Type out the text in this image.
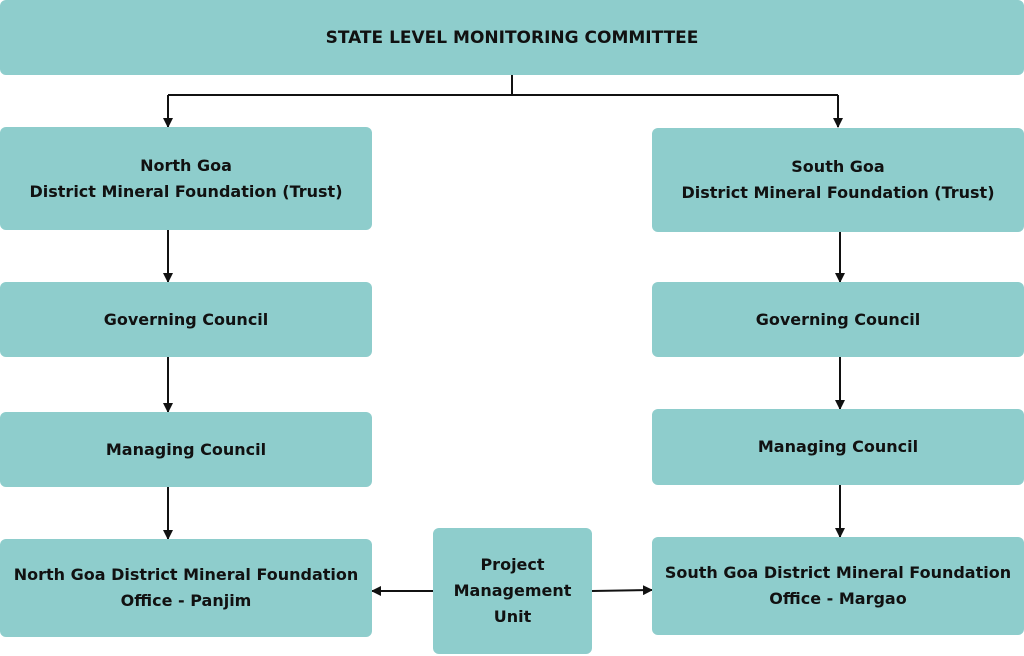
STATE LEVEL MONITORING COMMITTEE
North Goa
District Mineral Foundation (Trust)
South Goa
District Mineral Foundation (Trust)
Governing Council	Governing Council
Managing Council	Managing Council
North Goa District Mineral Foundation
Office - Panjim
Project
Management
Unit
South Goa District Mineral Foundation
Office - Margao
